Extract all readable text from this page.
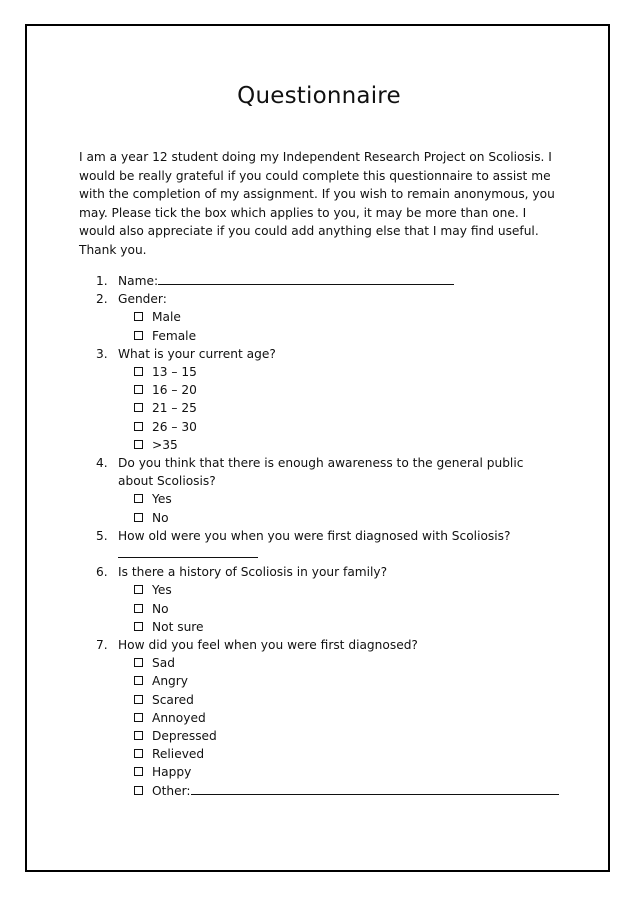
Questionnaire

I am a year 12 student doing my Independent Research Project on Scoliosis. I would be really grateful if you could complete this questionnaire to assist me with the completion of my assignment. If you wish to remain anonymous, you may. Please tick the box which applies to you, it may be more than one. I would also appreciate if you could add anything else that I may find useful. Thank you.

1. Name:
2. Gender:
Male
Female
3. What is your current age?
13 – 15
16 – 20
21 – 25
26 – 30
>35
4. Do you think that there is enough awareness to the general public about Scoliosis?
Yes
No
5. How old were you when you were first diagnosed with Scoliosis?
6. Is there a history of Scoliosis in your family?
Yes
No
Not sure
7. How did you feel when you were first diagnosed?
Sad
Angry
Scared
Annoyed
Depressed
Relieved
Happy
Other:
